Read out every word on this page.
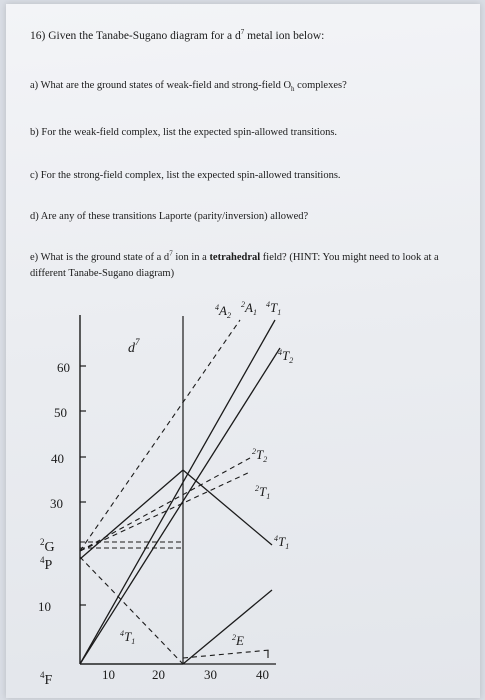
16) Given the Tanabe-Sugano diagram for a $d^7$ metal ion below:
a) What are the ground states of weak-field and strong-field $O_h$ complexes?
b) For the weak-field complex, list the expected spin-allowed transitions.
c) For the strong-field complex, list the expected spin-allowed transitions.
d) Are any of these transitions Laporte (parity/inversion) allowed?
e) What is the ground state of a $d^7$ ion in a tetrahedral field? (HINT: You might need to look at a different Tanabe-Sugano diagram)
10
30
40
50
60
10	20	30	40
$d^7$
$^4$F
$^4$P
$^2$G
$^4A_2$
$^2A_1$
$^4T_1$
$^4T_2$
$^2T_2$
$^2T_1$
$^4T_1$
$^4T_1$	$^2$E
